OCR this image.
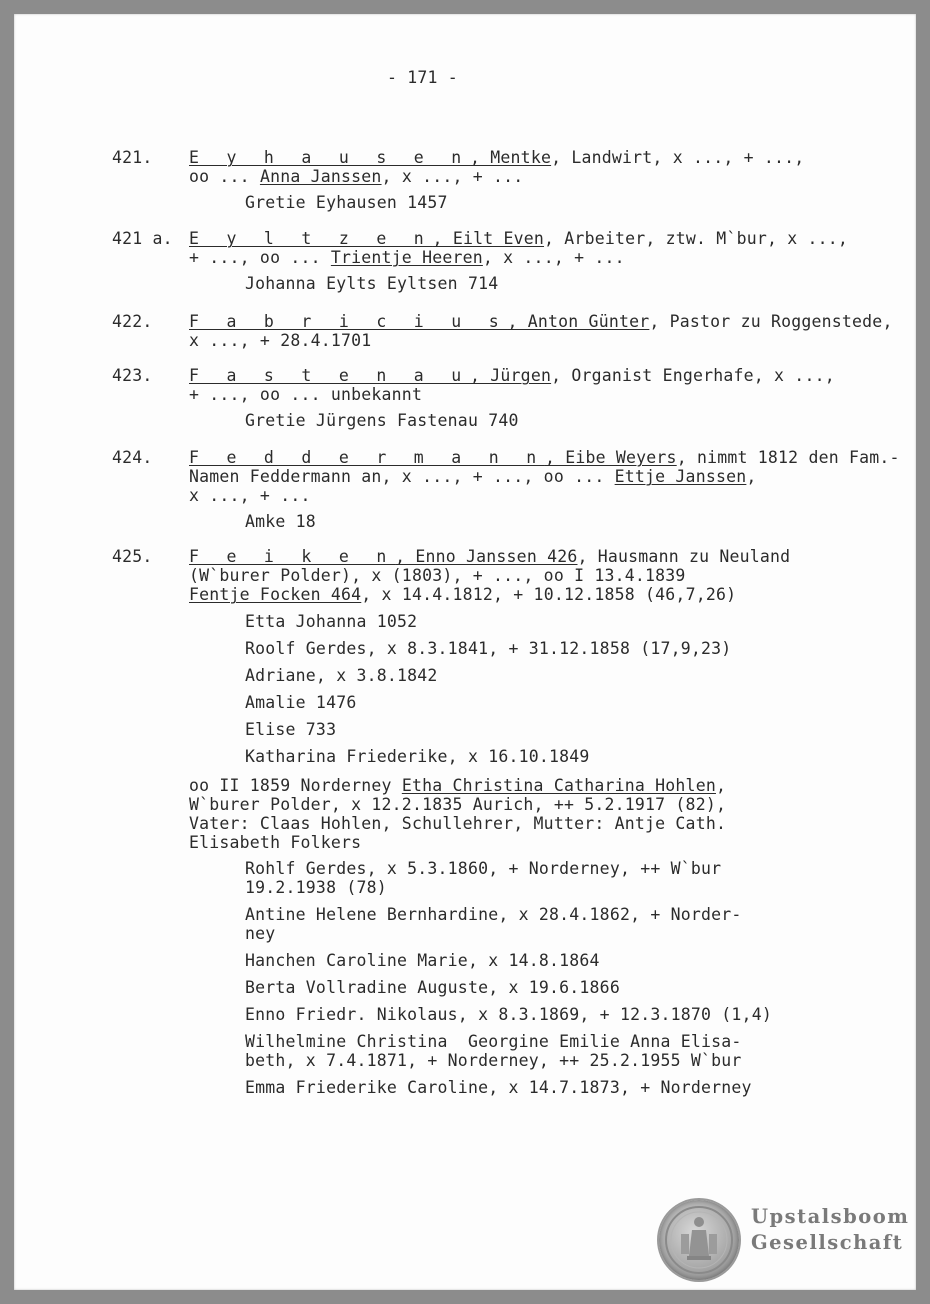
- 171 -
421. E y h a u s e n, Mentke, Landwirt, x ..., + ...,
oo ... Anna Janssen, x ..., + ...
Gretie Eyhausen 1457
421 a. E y l t z e n, Eilt Even, Arbeiter, ztw. M`bur, x ...,
+ ..., oo ... Trientje Heeren, x ..., + ...
Johanna Eylts Eyltsen 714
422. F a b r i c i u s, Anton Günter, Pastor zu Roggenstede,
x ..., + 28.4.1701
423. F a s t e n a u, Jürgen, Organist Engerhafe, x ...,
+ ..., oo ... unbekannt
Gretie Jürgens Fastenau 740
424. F e d d e r m a n n, Eibe Weyers, nimmt 1812 den Fam.-
Namen Feddermann an, x ..., + ..., oo ... Ettje Janssen,
x ..., + ...
Amke 18
425. F e i k e n, Enno Janssen 426, Hausmann zu Neuland
(W`burer Polder), x (1803), + ..., oo I 13.4.1839
Fentje Focken 464, x 14.4.1812, + 10.12.1858 (46,7,26)
Etta Johanna 1052
Roolf Gerdes, x 8.3.1841, + 31.12.1858 (17,9,23)
Adriane, x 3.8.1842
Amalie 1476
Elise 733
Katharina Friederike, x 16.10.1849
oo II 1859 Norderney Etha Christina Catharina Hohlen,
W`burer Polder, x 12.2.1835 Aurich, ++ 5.2.1917 (82),
Vater: Claas Hohlen, Schullehrer, Mutter: Antje Cath.
Elisabeth Folkers
Rohlf Gerdes, x 5.3.1860, + Norderney, ++ W`bur
19.2.1938 (78)
Antine Helene Bernhardine, x 28.4.1862, + Norder-
ney
Hanchen Caroline Marie, x 14.8.1864
Berta Vollradine Auguste, x 19.6.1866
Enno Friedr. Nikolaus, x 8.3.1869, + 12.3.1870 (1,4)
Wilhelmine Christina  Georgine Emilie Anna Elisa-
beth, x 7.4.1871, + Norderney, ++ 25.2.1955 W`bur
Emma Friederike Caroline, x 14.7.1873, + Norderney
Upstalsboom
Gesellschaft
